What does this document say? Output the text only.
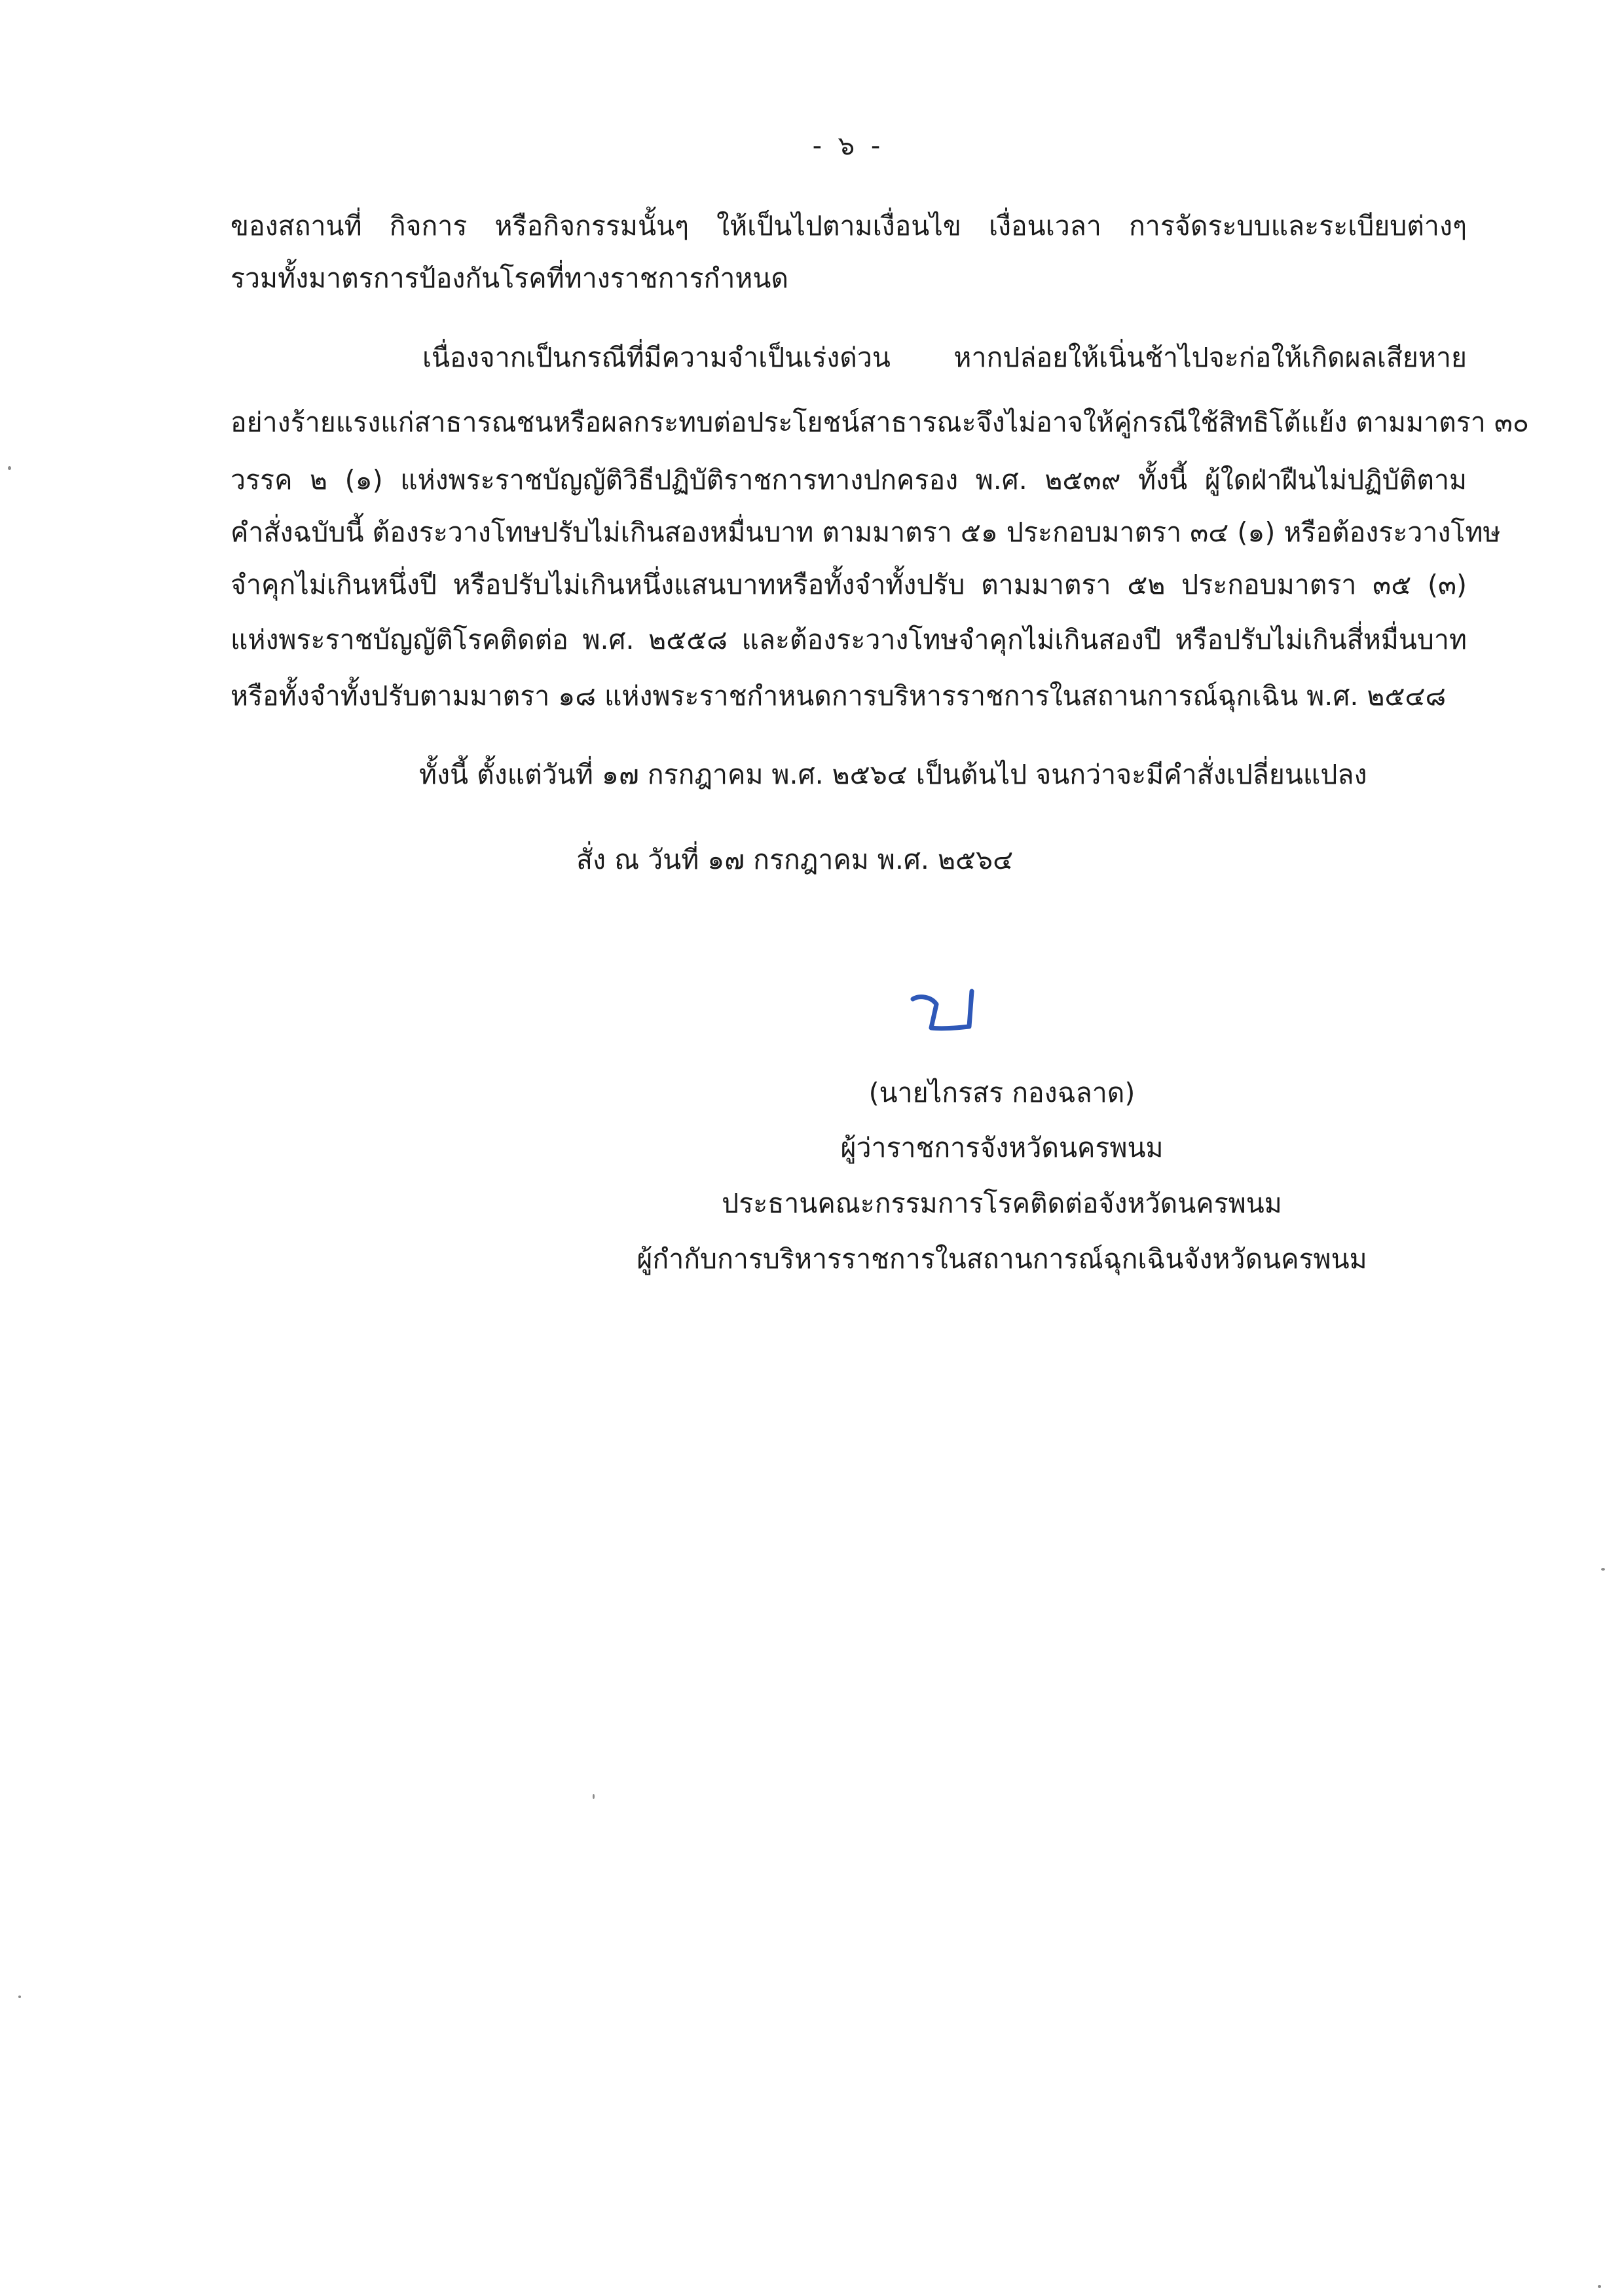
- ๖ -
ของสถานที่ กิจการ หรือกิจกรรมนั้นๆ ให้เป็นไปตามเงื่อนไข เงื่อนเวลา การจัดระบบและระเบียบต่างๆ
รวมทั้งมาตรการป้องกันโรคที่ทางราชการกำหนด
เนื่องจากเป็นกรณีที่มีความจำเป็นเร่งด่วน หากปล่อยให้เนิ่นช้าไปจะก่อให้เกิดผลเสียหาย
อย่างร้ายแรงแก่สาธารณชนหรือผลกระทบต่อประโยชน์สาธารณะจึงไม่อาจให้คู่กรณีใช้สิทธิโต้แย้ง ตามมาตรา ๓๐
วรรค ๒ (๑) แห่งพระราชบัญญัติวิธีปฏิบัติราชการทางปกครอง พ.ศ. ๒๕๓๙ ทั้งนี้ ผู้ใดฝ่าฝืนไม่ปฏิบัติตาม
คำสั่งฉบับนี้ ต้องระวางโทษปรับไม่เกินสองหมื่นบาท ตามมาตรา ๕๑ ประกอบมาตรา ๓๔ (๑) หรือต้องระวางโทษ
จำคุกไม่เกินหนึ่งปี หรือปรับไม่เกินหนึ่งแสนบาทหรือทั้งจำทั้งปรับ ตามมาตรา ๕๒ ประกอบมาตรา ๓๕ (๓)
แห่งพระราชบัญญัติโรคติดต่อ พ.ศ. ๒๕๕๘ และต้องระวางโทษจำคุกไม่เกินสองปี หรือปรับไม่เกินสี่หมื่นบาท
หรือทั้งจำทั้งปรับตามมาตรา ๑๘ แห่งพระราชกำหนดการบริหารราชการในสถานการณ์ฉุกเฉิน พ.ศ. ๒๕๔๘
ทั้งนี้ ตั้งแต่วันที่ ๑๗ กรกฎาคม พ.ศ. ๒๕๖๔ เป็นต้นไป จนกว่าจะมีคำสั่งเปลี่ยนแปลง
สั่ง ณ วันที่ ๑๗ กรกฎาคม พ.ศ. ๒๕๖๔
(นายไกรสร กองฉลาด)
ผู้ว่าราชการจังหวัดนครพนม
ประธานคณะกรรมการโรคติดต่อจังหวัดนครพนม
ผู้กำกับการบริหารราชการในสถานการณ์ฉุกเฉินจังหวัดนครพนม
